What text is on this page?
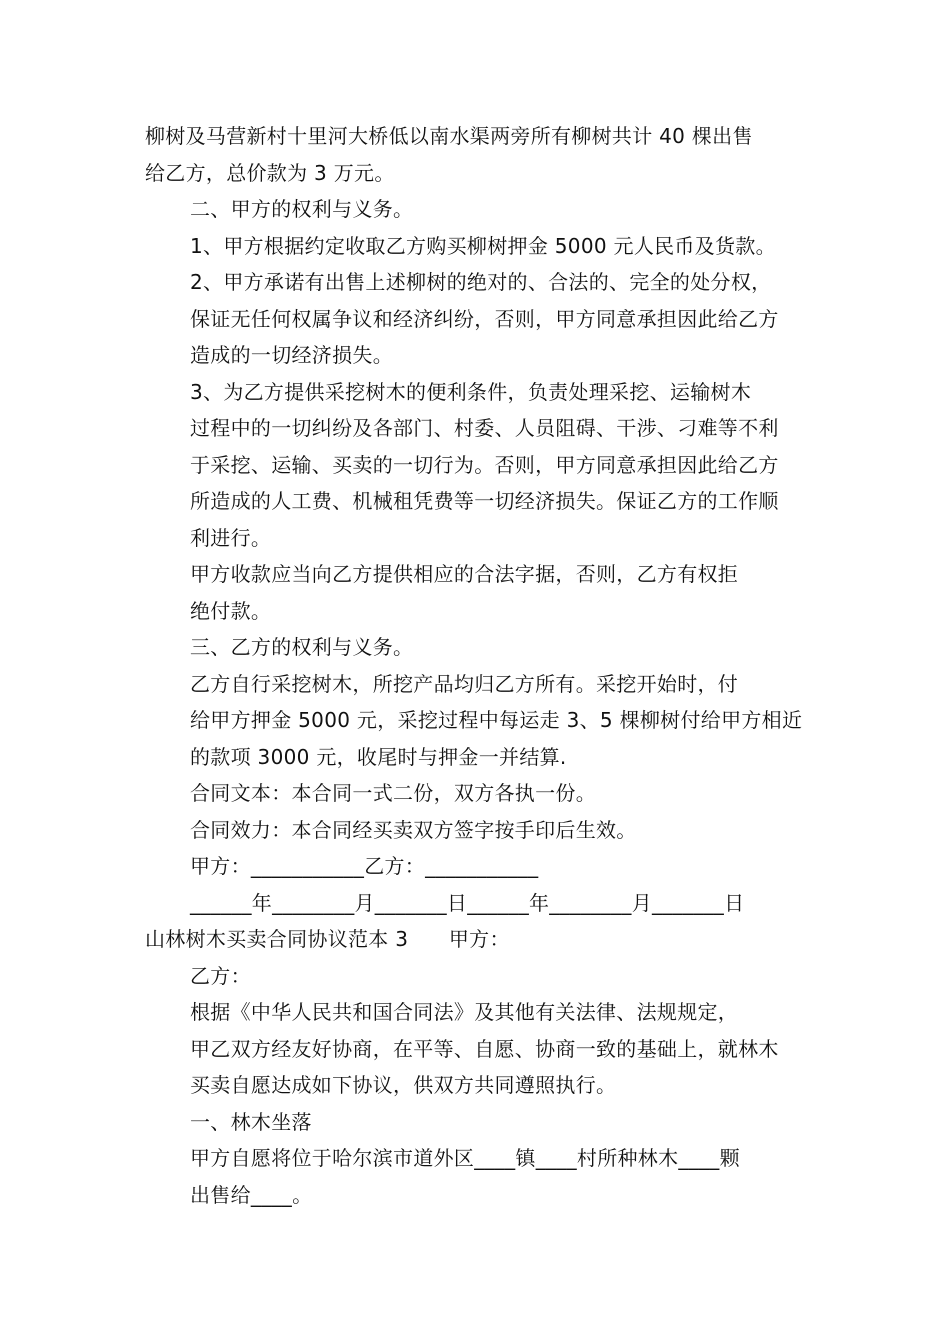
柳树及马营新村十里河大桥低以南水渠两旁所有柳树共计 40 棵出售
给乙方，总价款为 3 万元。

二、甲方的权利与义务。

1、甲方根据约定收取乙方购买柳树押金 5000 元人民币及货款。

2、甲方承诺有出售上述柳树的绝对的、合法的、完全的处分权，
保证无任何权属争议和经济纠纷，否则，甲方同意承担因此给乙方
造成的一切经济损失。

3、为乙方提供采挖树木的便利条件，负责处理采挖、运输树木
过程中的一切纠纷及各部门、村委、人员阻碍、干涉、刁难等不利
于采挖、运输、买卖的一切行为。否则，甲方同意承担因此给乙方
所造成的人工费、机械租凭费等一切经济损失。保证乙方的工作顺
利进行。

甲方收款应当向乙方提供相应的合法字据，否则，乙方有权拒
绝付款。

三、乙方的权利与义务。

乙方自行采挖树木，所挖产品均归乙方所有。采挖开始时，付
给甲方押金 5000 元，采挖过程中每运走 3、5 棵柳树付给甲方相近
的款项 3000 元，收尾时与押金一并结算.

合同文本：本合同一式二份，双方各执一份。

合同效力：本合同经买卖双方签字按手印后生效。

甲方：___________乙方：___________

______年________月_______日______年________月_______日

山林树木买卖合同协议范本 3　　甲方：

乙方：

根据《中华人民共和国合同法》及其他有关法律、法规规定，
甲乙双方经友好协商，在平等、自愿、协商一致的基础上，就林木
买卖自愿达成如下协议，供双方共同遵照执行。

一、林木坐落

甲方自愿将位于哈尔滨市道外区____镇____村所种林木____颗
出售给____。
